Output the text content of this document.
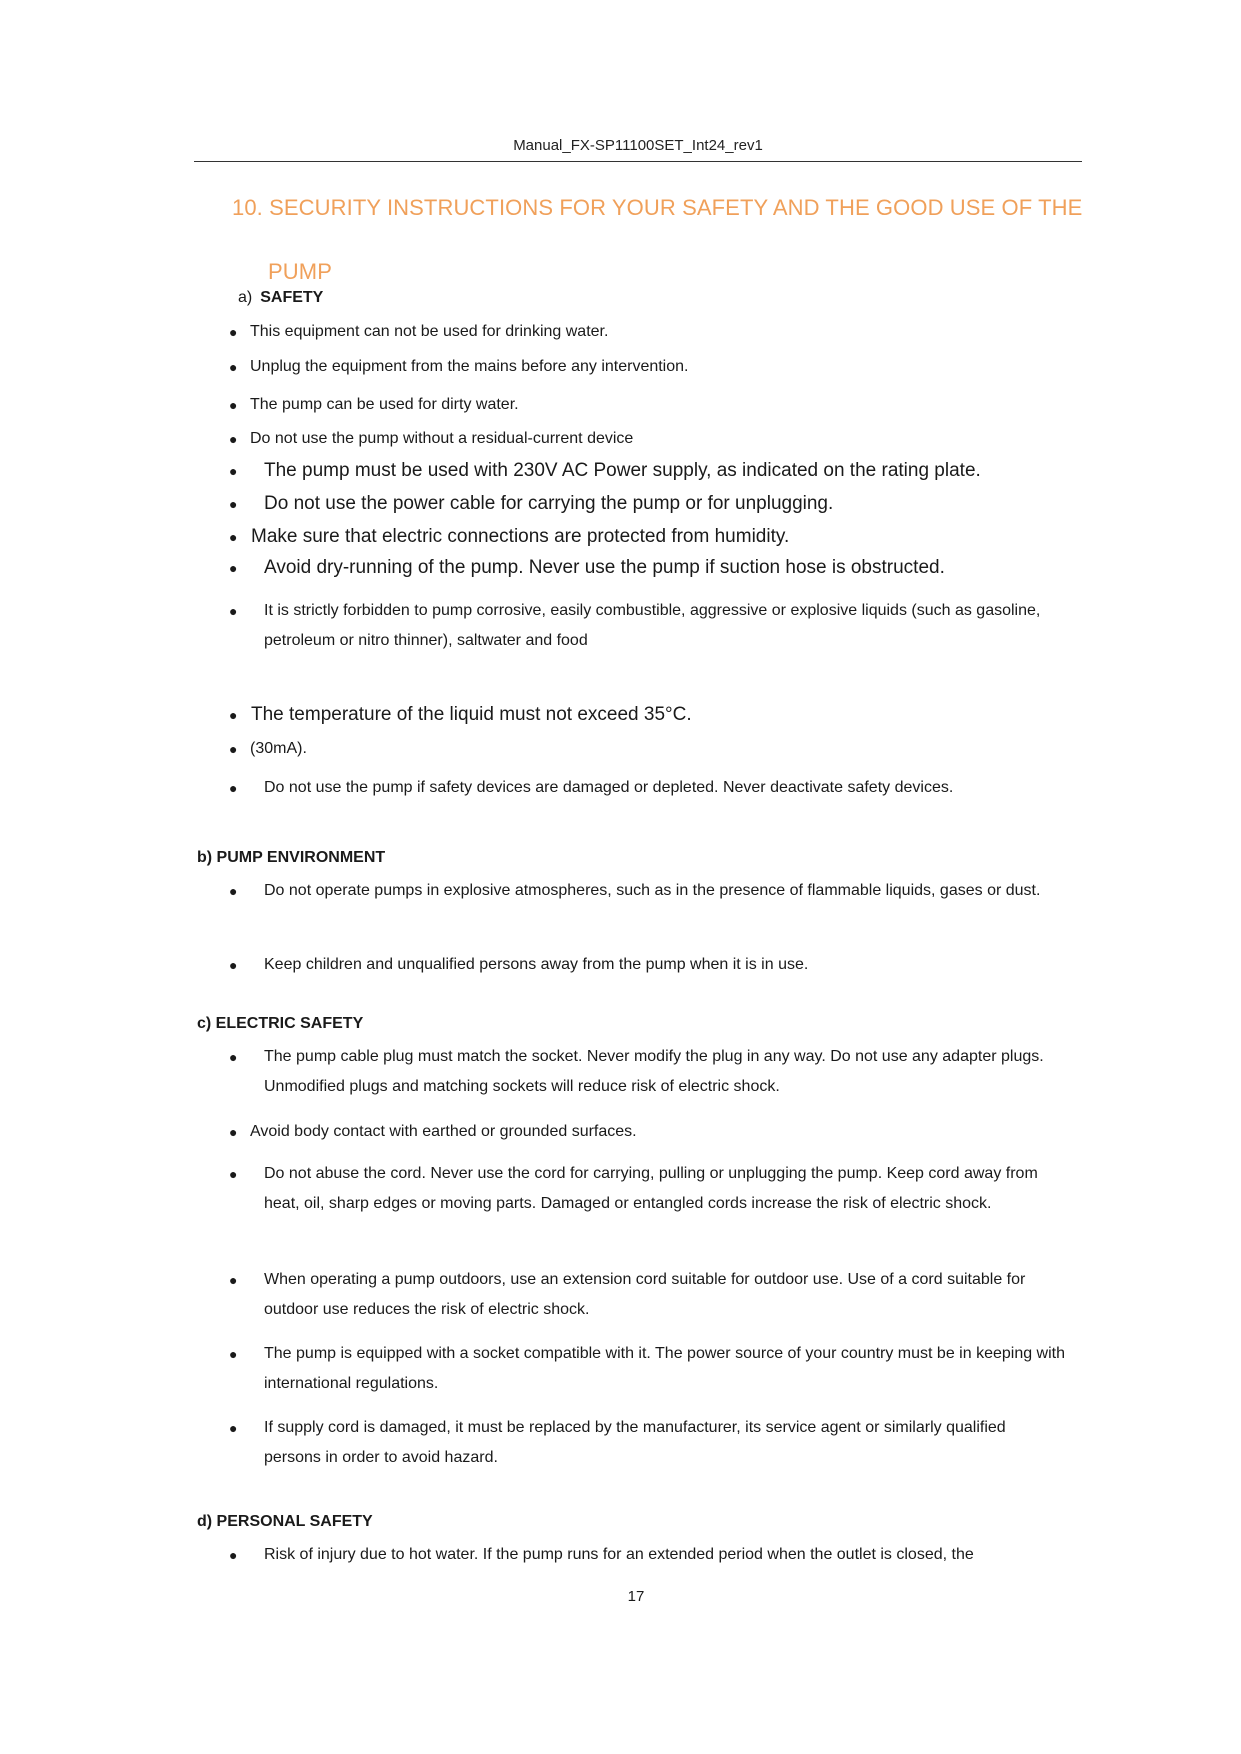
Manual_FX-SP11100SET_Int24_rev1
10. SECURITY INSTRUCTIONS FOR YOUR SAFETY AND THE GOOD USE OF THE
PUMP
a) SAFETY
● This equipment can not be used for drinking water.
● Unplug the equipment from the mains before any intervention.
● The pump can be used for dirty water.
● Do not use the pump without a residual-current device
● The pump must be used with 230V AC Power supply, as indicated on the rating plate.
● Do not use the power cable for carrying the pump or for unplugging.
● Make sure that electric connections are protected from humidity.
● Avoid dry-running of the pump. Never use the pump if suction hose is obstructed.
● It is strictly forbidden to pump corrosive, easily combustible, aggressive or explosive liquids (such as gasoline, petroleum or nitro thinner), saltwater and food
● The temperature of the liquid must not exceed 35°C.
● (30mA).
● Do not use the pump if safety devices are damaged or depleted. Never deactivate safety devices.
b) PUMP ENVIRONMENT
● Do not operate pumps in explosive atmospheres, such as in the presence of flammable liquids, gases or dust.
● Keep children and unqualified persons away from the pump when it is in use.
c) ELECTRIC SAFETY
● The pump cable plug must match the socket. Never modify the plug in any way. Do not use any adapter plugs. Unmodified plugs and matching sockets will reduce risk of electric shock.
● Avoid body contact with earthed or grounded surfaces.
● Do not abuse the cord. Never use the cord for carrying, pulling or unplugging the pump. Keep cord away from heat, oil, sharp edges or moving parts. Damaged or entangled cords increase the risk of electric shock.
● When operating a pump outdoors, use an extension cord suitable for outdoor use. Use of a cord suitable for outdoor use reduces the risk of electric shock.
● The pump is equipped with a socket compatible with it. The power source of your country must be in keeping with international regulations.
● If supply cord is damaged, it must be replaced by the manufacturer, its service agent or similarly qualified persons in order to avoid hazard.
d) PERSONAL SAFETY
● Risk of injury due to hot water. If the pump runs for an extended period when the outlet is closed, the
17
